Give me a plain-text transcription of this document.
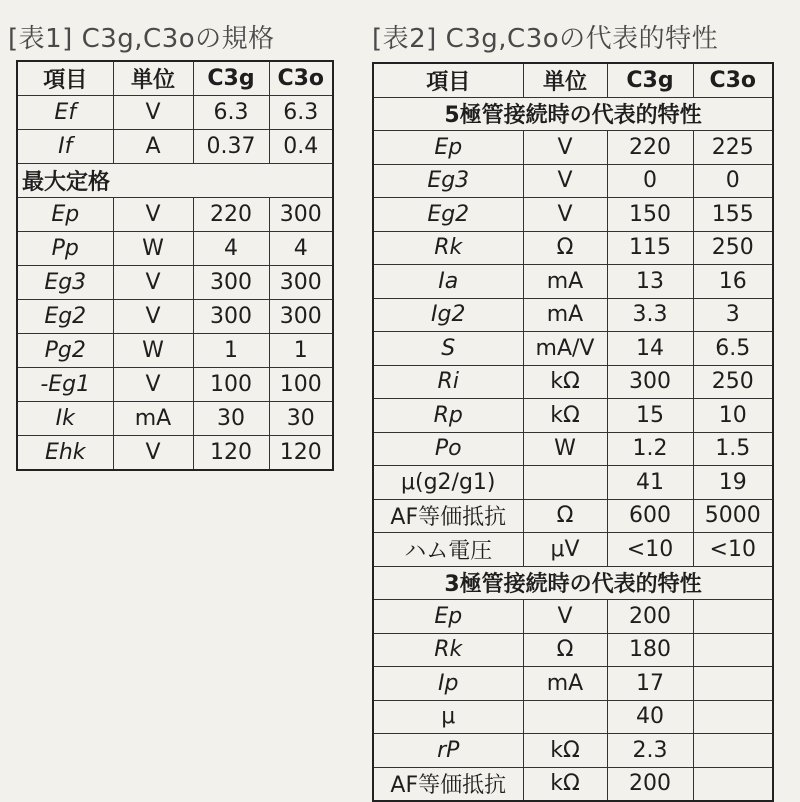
[表1] C3g,C3oの規格	[表2] C3g,C3oの代表的特性
項目	単位	C3g	C3o
Ef	V	6.3	6.3
If	A	0.37	0.4
最大定格			
Ep	V	220	300
Pp	W	4	4
Eg3	V	300	300
Eg2	V	300	300
Pg2	W	1	1
-Eg1	V	100	100
Ik	mA	30	30
Ehk	V	120	120
項目	単位	C3g	C3o
5極管接続時の代表的特性			
Ep	V	220	225
Eg3	V	0	0
Eg2	V	150	155
Rk	Ω	115	250
Ia	mA	13	16
Ig2	mA	3.3	3
S	mA/V	14	6.5
Ri	kΩ	300	250
Rp	kΩ	15	10
Po	W	1.2	1.5
μ(g2/g1)		41	19
AF等価抵抗	Ω	600	5000
ハム電圧	μV	<10	<10
3極管接続時の代表的特性			
Ep	V	200	
Rk	Ω	180	
Ip	mA	17	
μ		40	
rP	kΩ	2.3	
AF等価抵抗	kΩ	200	
